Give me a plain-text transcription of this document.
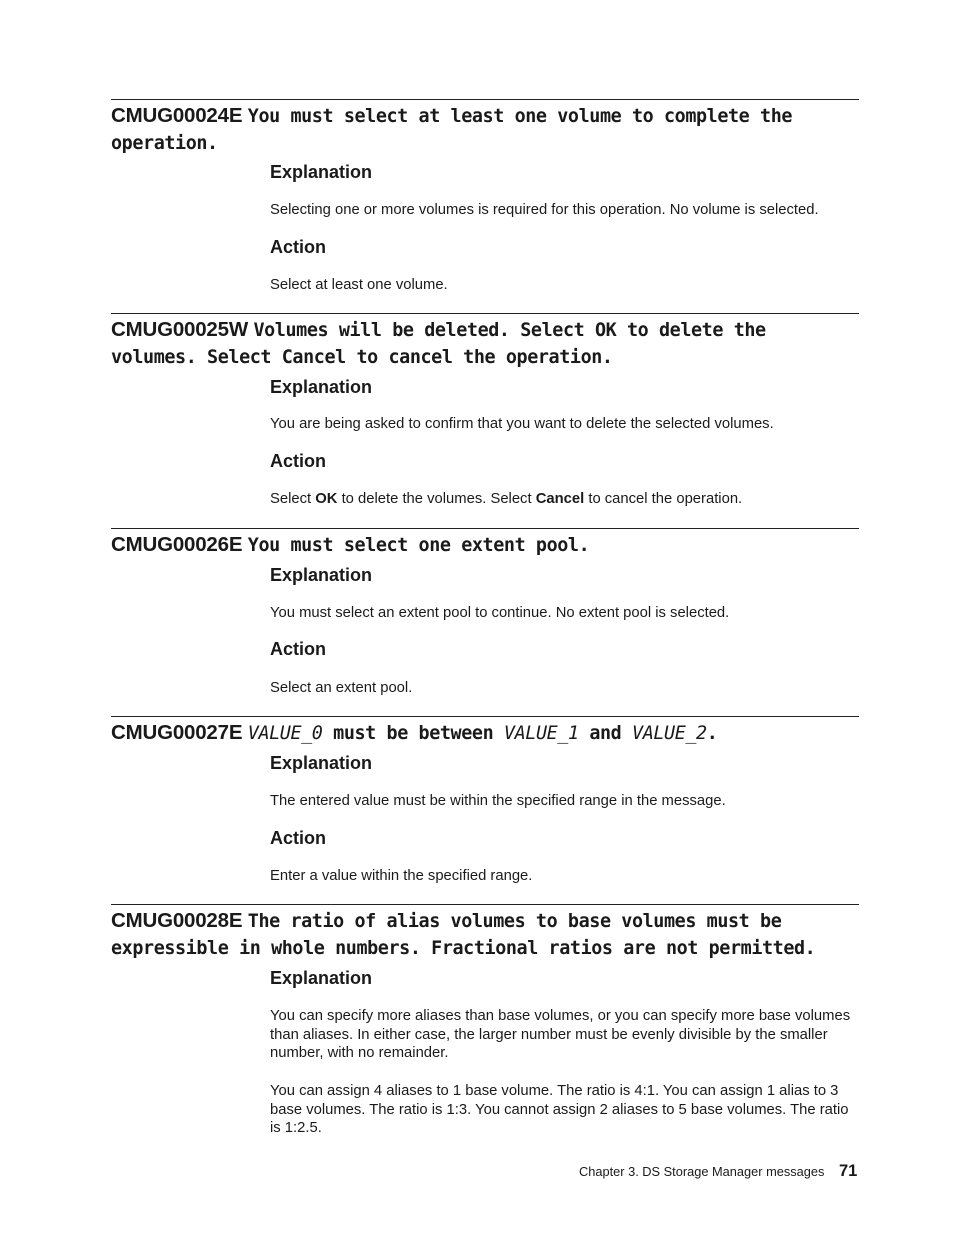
CMUG00024E You must select at least one volume to complete the operation.
Explanation

Selecting one or more volumes is required for this operation. No volume is selected.

Action

Select at least one volume.

CMUG00025W Volumes will be deleted. Select OK to delete the volumes. Select Cancel to cancel the operation.
Explanation

You are being asked to confirm that you want to delete the selected volumes.

Action

Select OK to delete the volumes. Select Cancel to cancel the operation.

CMUG00026E You must select one extent pool.
Explanation

You must select an extent pool to continue. No extent pool is selected.

Action

Select an extent pool.

CMUG00027E VALUE_0 must be between VALUE_1 and VALUE_2.
Explanation

The entered value must be within the specified range in the message.

Action

Enter a value within the specified range.

CMUG00028E The ratio of alias volumes to base volumes must be expressible in whole numbers. Fractional ratios are not permitted.
Explanation

You can specify more aliases than base volumes, or you can specify more base volumes than aliases. In either case, the larger number must be evenly divisible by the smaller number, with no remainder.

You can assign 4 aliases to 1 base volume. The ratio is 4:1. You can assign 1 alias to 3 base volumes. The ratio is 1:3. You cannot assign 2 aliases to 5 base volumes. The ratio is 1:2.5.

Chapter 3. DS Storage Manager messages 71
